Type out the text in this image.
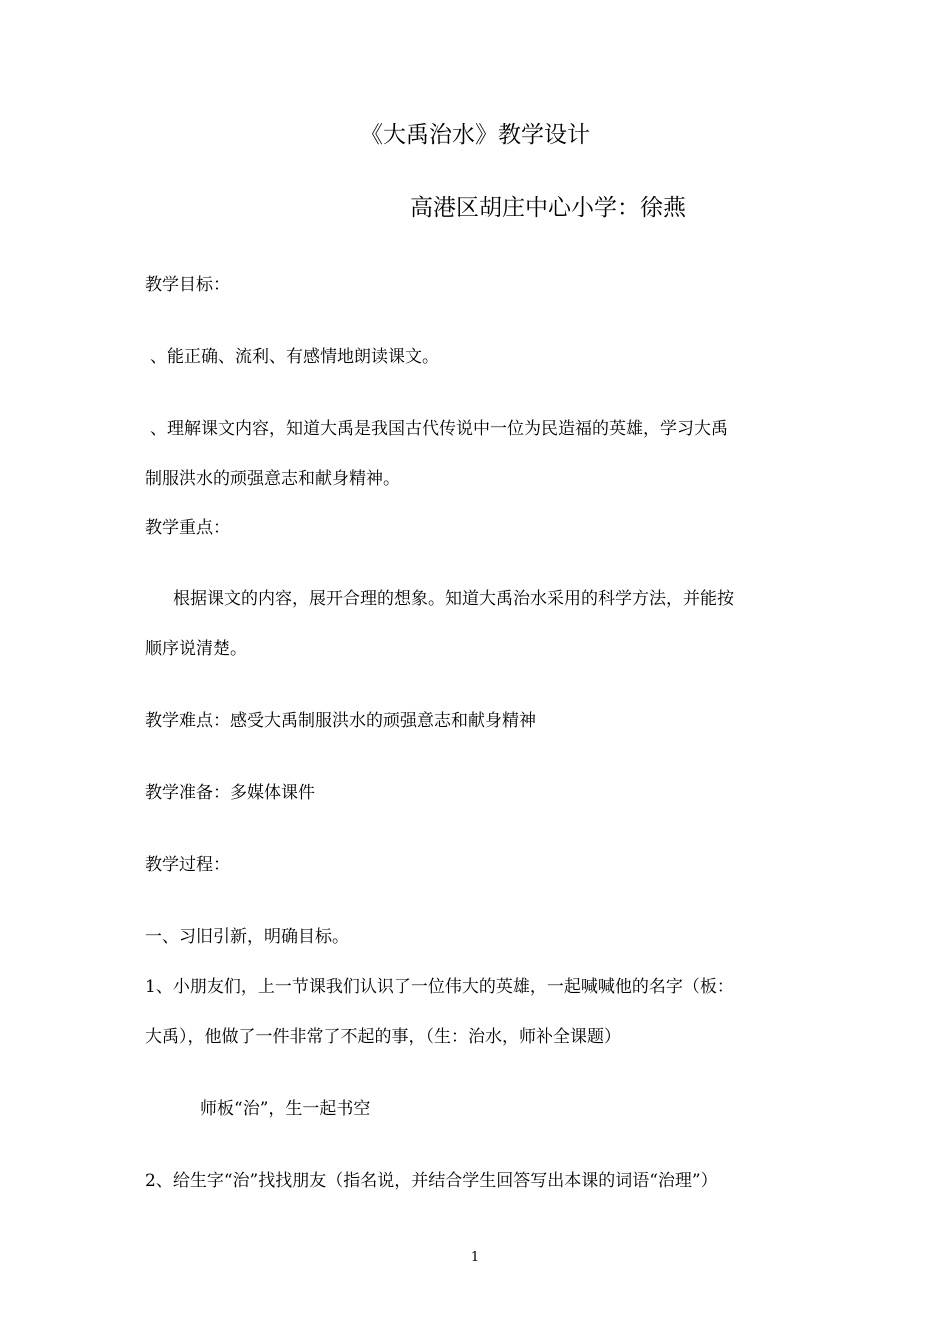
《大禹治水》教学设计
高港区胡庄中心小学：徐燕
教学目标：
、能正确、流利、有感情地朗读课文。
、理解课文内容，知道大禹是我国古代传说中一位为民造福的英雄，学习大禹
制服洪水的顽强意志和献身精神。
教学重点：
根据课文的内容，展开合理的想象。知道大禹治水采用的科学方法，并能按
顺序说清楚。
教学难点：感受大禹制服洪水的顽强意志和献身精神
教学准备：多媒体课件
教学过程：
一、习旧引新，明确目标。
1、小朋友们，上一节课我们认识了一位伟大的英雄，一起喊喊他的名字（板：
大禹），他做了一件非常了不起的事，（生：治水，师补全课题）
师板“治”，生一起书空
2、给生字“治”找找朋友（指名说，并结合学生回答写出本课的词语“治理”）
1
